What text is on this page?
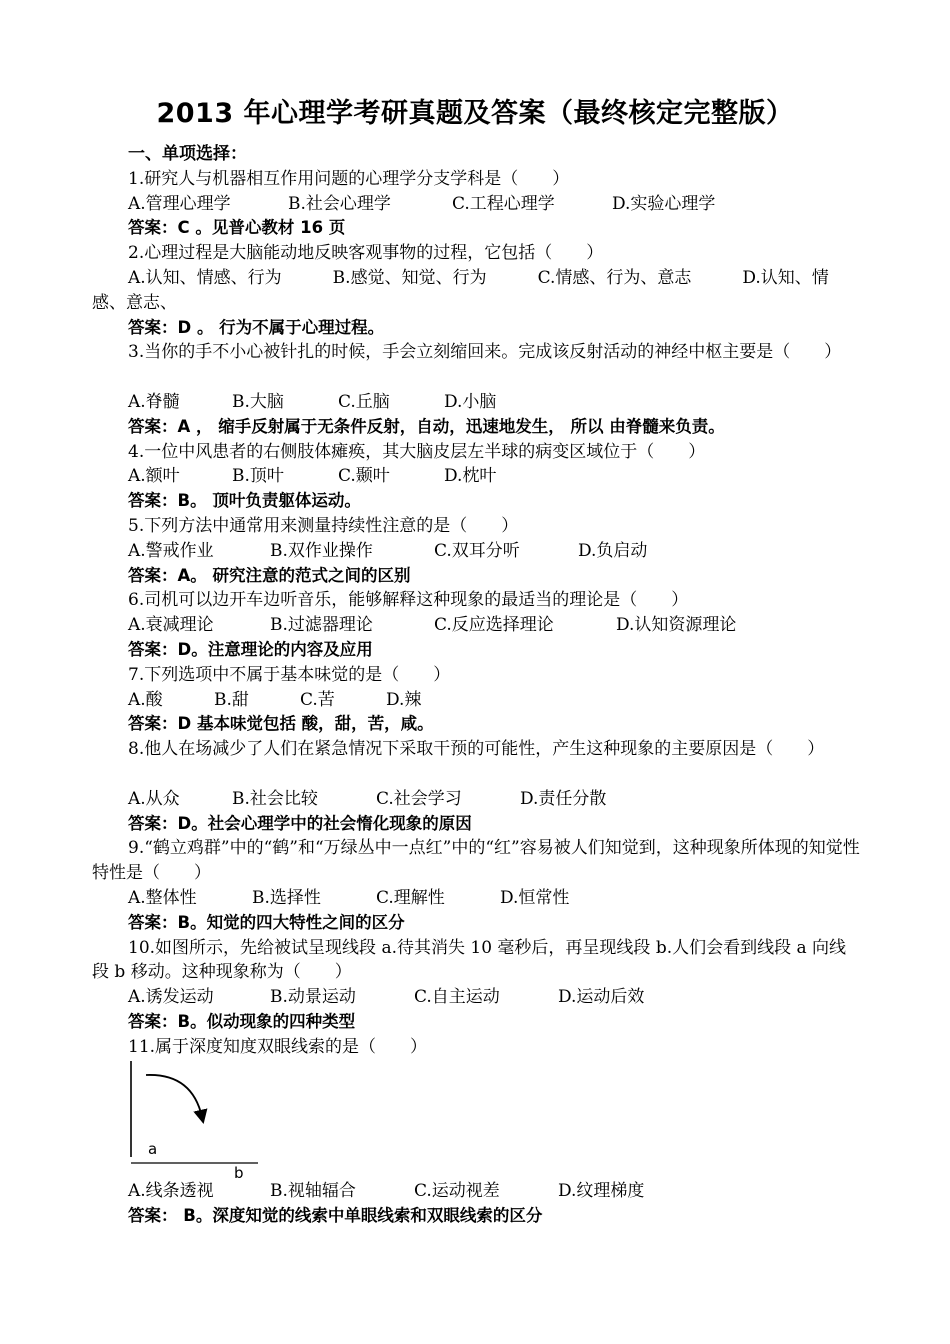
2013 年心理学考研真题及答案（最终核定完整版）
一、单项选择：
1.研究人与机器相互作用问题的心理学分支学科是（　　）
A.管理心理学	B.社会心理学	C.工程心理学	D.实验心理学
答案：C 。见普心教材 16 页
2.心理过程是大脑能动地反映客观事物的过程，它包括（　　）
A.认知、情感、行为　　　B.感觉、知觉、行为　　　C.情感、行为、意志　　　D.认知、情感、意志、
答案：D 。 行为不属于心理过程。
3.当你的手不小心被针扎的时候，手会立刻缩回来。完成该反射活动的神经中枢主要是（　　）
A.脊髓	B.大脑	C.丘脑	D.小脑
答案：A ， 缩手反射属于无条件反射，自动，迅速地发生， 所以 由脊髓来负责。
4.一位中风患者的右侧肢体瘫痪，其大脑皮层左半球的病变区域位于（　　）
A.额叶	B.顶叶	C.颞叶	D.枕叶
答案：B。 顶叶负责躯体运动。
5.下列方法中通常用来测量持续性注意的是（　　）
A.警戒作业	B.双作业操作	C.双耳分听	D.负启动
答案：A。 研究注意的范式之间的区别
6.司机可以边开车边听音乐，能够解释这种现象的最适当的理论是（　　）
A.衰减理论	B.过滤器理论	C.反应选择理论	D.认知资源理论
答案：D。注意理论的内容及应用
7.下列选项中不属于基本味觉的是（　　）
A.酸	B.甜	C.苦	D.辣
答案：D 基本味觉包括 酸，甜，苦，咸。
8.他人在场减少了人们在紧急情况下采取干预的可能性，产生这种现象的主要原因是（　　）
A.从众	B.社会比较	C.社会学习	D.责任分散
答案：D。社会心理学中的社会惰化现象的原因
9.“鹤立鸡群”中的“鹤”和“万绿丛中一点红”中的“红”容易被人们知觉到，这种现象所体现的知觉性特性是（　　）
A.整体性	B.选择性	C.理解性	D.恒常性
答案：B。知觉的四大特性之间的区分
10.如图所示，先给被试呈现线段 a.待其消失 10 毫秒后，再呈现线段 b.人们会看到线段 a 向线段 b 移动。这种现象称为（　　）
A.诱发运动	B.动景运动	C.自主运动	D.运动后效
答案：B。似动现象的四种类型
11.属于深度知度双眼线索的是（　　）
a
b
A.线条透视	B.视轴辐合	C.运动视差	D.纹理梯度
答案： B。深度知觉的线索中单眼线索和双眼线索的区分
